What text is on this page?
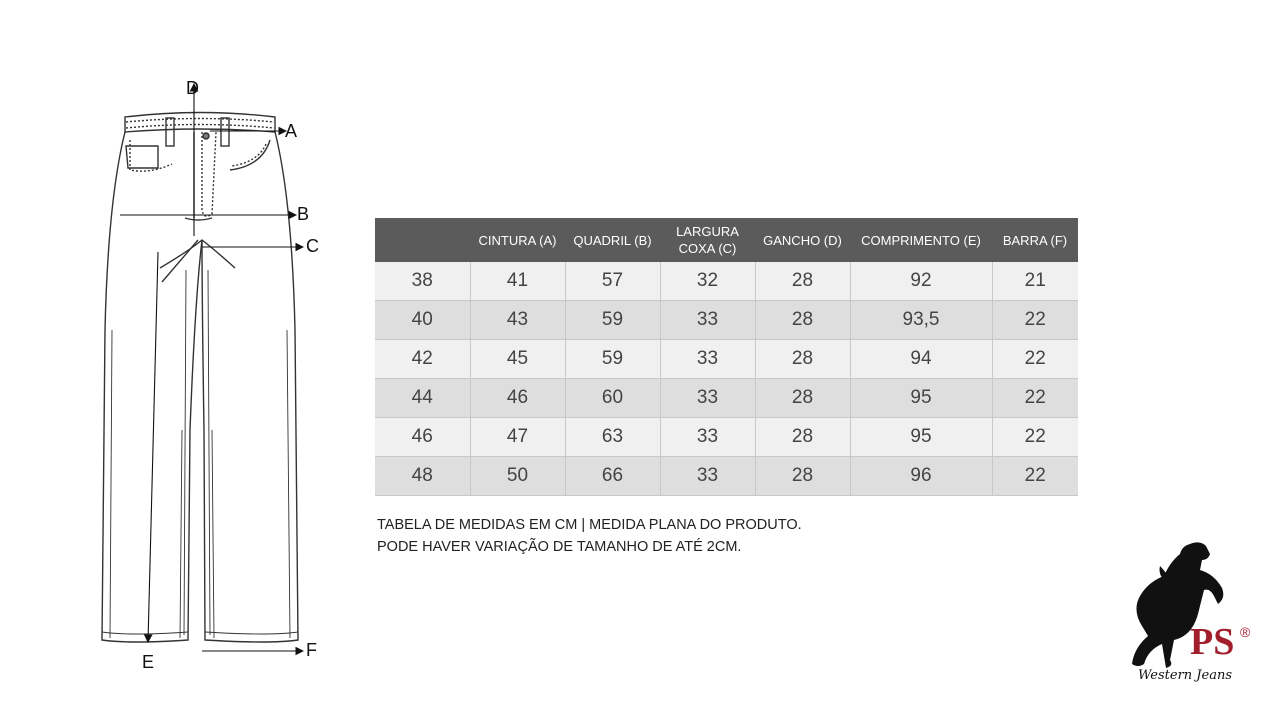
D
A
B
C
E
F
	CINTURA (A)	QUADRIL (B)	LARGURA COXA (C)	GANCHO (D)	COMPRIMENTO (E)	BARRA (F)
38	41	57	32	28	92	21
40	43	59	33	28	93,5	22
42	45	59	33	28	94	22
44	46	60	33	28	95	22
46	47	63	33	28	95	22
48	50	66	33	28	96	22
TABELA DE MEDIDAS EM CM | MEDIDA PLANA DO PRODUTO.
PODE HAVER VARIAÇÃO DE TAMANHO DE ATÉ 2CM.
PS ®
Western Jeans
